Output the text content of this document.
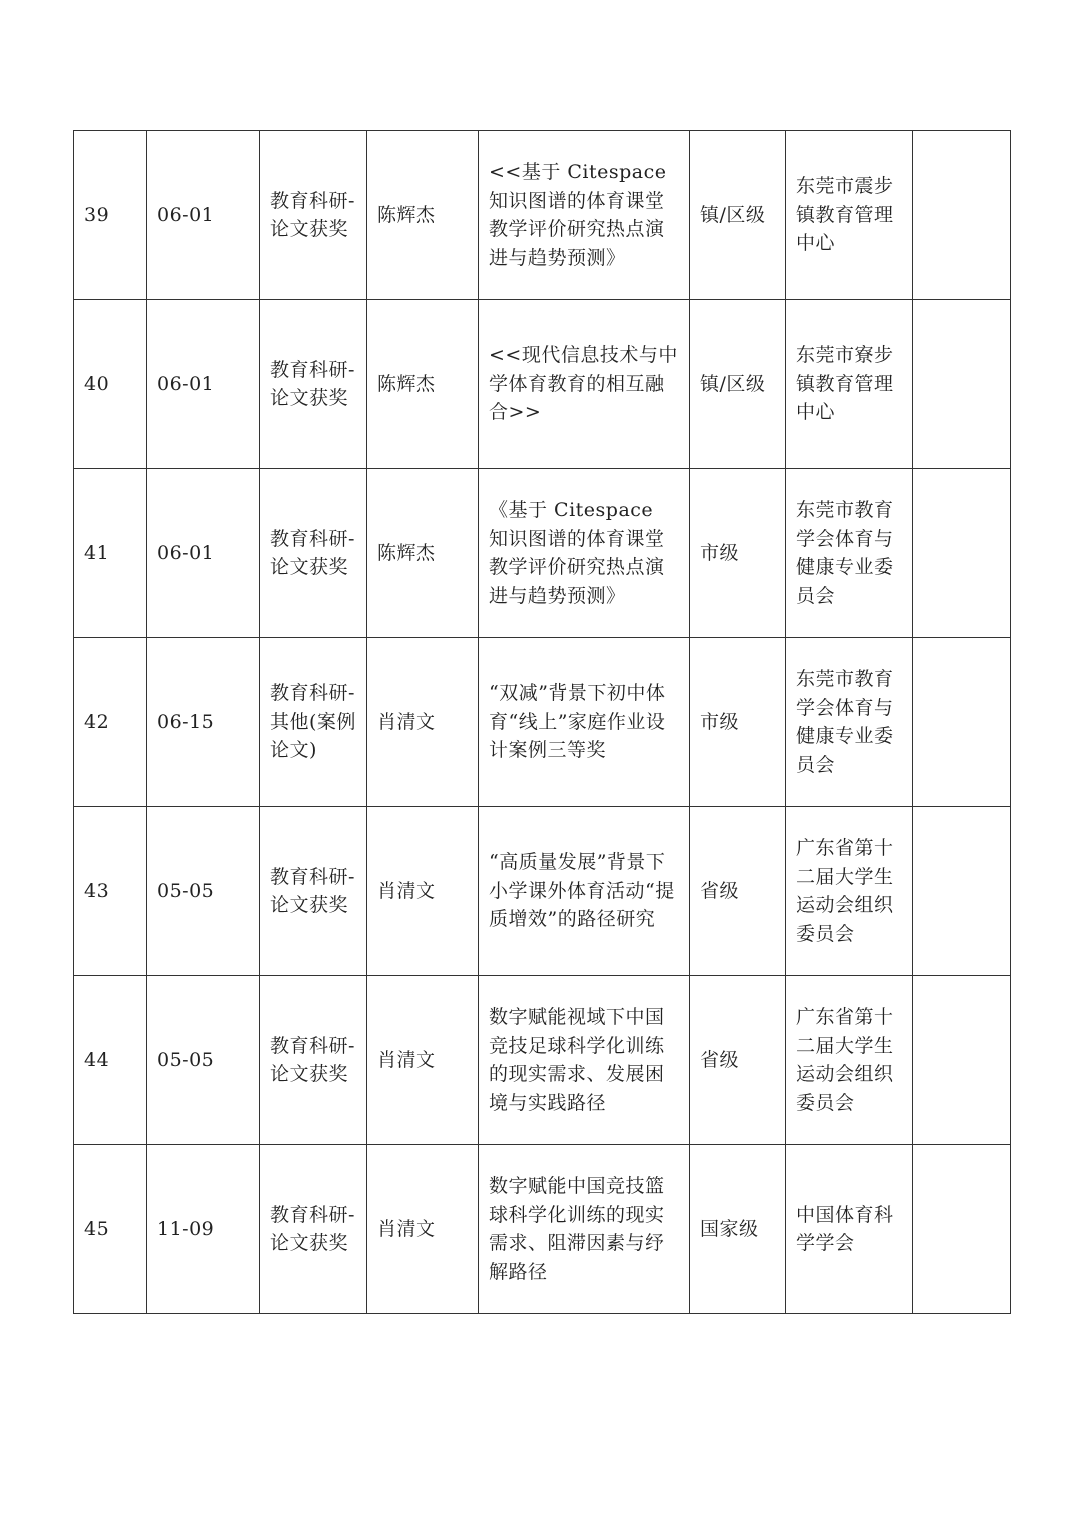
39	06-01	教育科研-论文获奖	陈辉杰	<<基于 Citespace 知识图谱的体育课堂教学评价研究热点演进与趋势预测》	镇/区级	东莞市震步镇教育管理中心	
40	06-01	教育科研-论文获奖	陈辉杰	<<现代信息技术与中学体育教育的相互融合>>	镇/区级	东莞市寮步镇教育管理中心	
41	06-01	教育科研-论文获奖	陈辉杰	《基于 Citespace 知识图谱的体育课堂教学评价研究热点演进与趋势预测》	市级	东莞市教育学会体育与健康专业委员会	
42	06-15	教育科研-其他(案例论文)	肖清文	“双减”背景下初中体育“线上”家庭作业设计案例三等奖	市级	东莞市教育学会体育与健康专业委员会	
43	05-05	教育科研-论文获奖	肖清文	“高质量发展”背景下小学课外体育活动“提质增效”的路径研究	省级	广东省第十二届大学生运动会组织委员会	
44	05-05	教育科研-论文获奖	肖清文	数字赋能视域下中国竞技足球科学化训练的现实需求、发展困境与实践路径	省级	广东省第十二届大学生运动会组织委员会	
45	11-09	教育科研-论文获奖	肖清文	数字赋能中国竞技篮球科学化训练的现实需求、阻滞因素与纾解路径	国家级	中国体育科学学会	
